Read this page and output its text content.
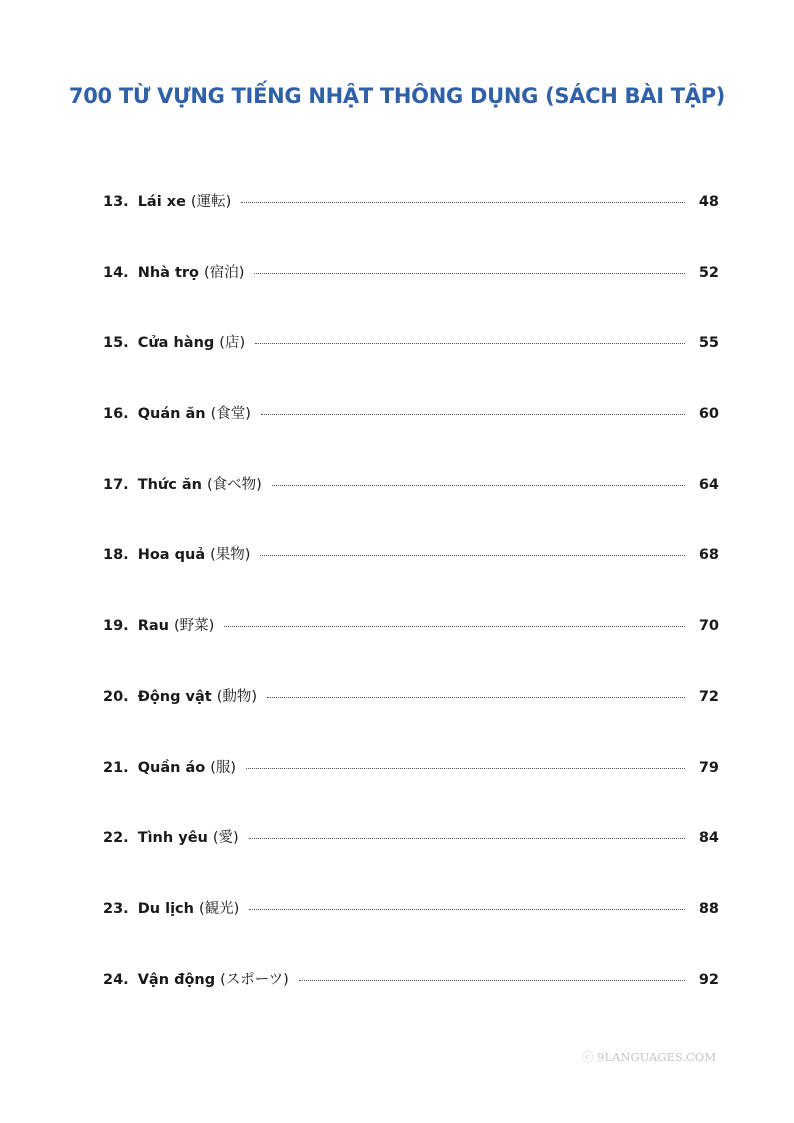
700 TỪ VỰNG TIẾNG NHẬT THÔNG DỤNG (SÁCH BÀI TẬP)
13. Lái xe (運転)	48
14. Nhà trọ (宿泊)	52
15. Cửa hàng (店)	55
16. Quán ăn (食堂)	60
17. Thức ăn (食べ物)	64
18. Hoa quả (果物)	68
19. Rau (野菜)	70
20. Động vật (動物)	72
21. Quần áo (服)	79
22. Tình yêu (愛)	84
23. Du lịch (観光)	88
24. Vận động (スポーツ)	92
ⓒ 9LANGUAGES.COM
